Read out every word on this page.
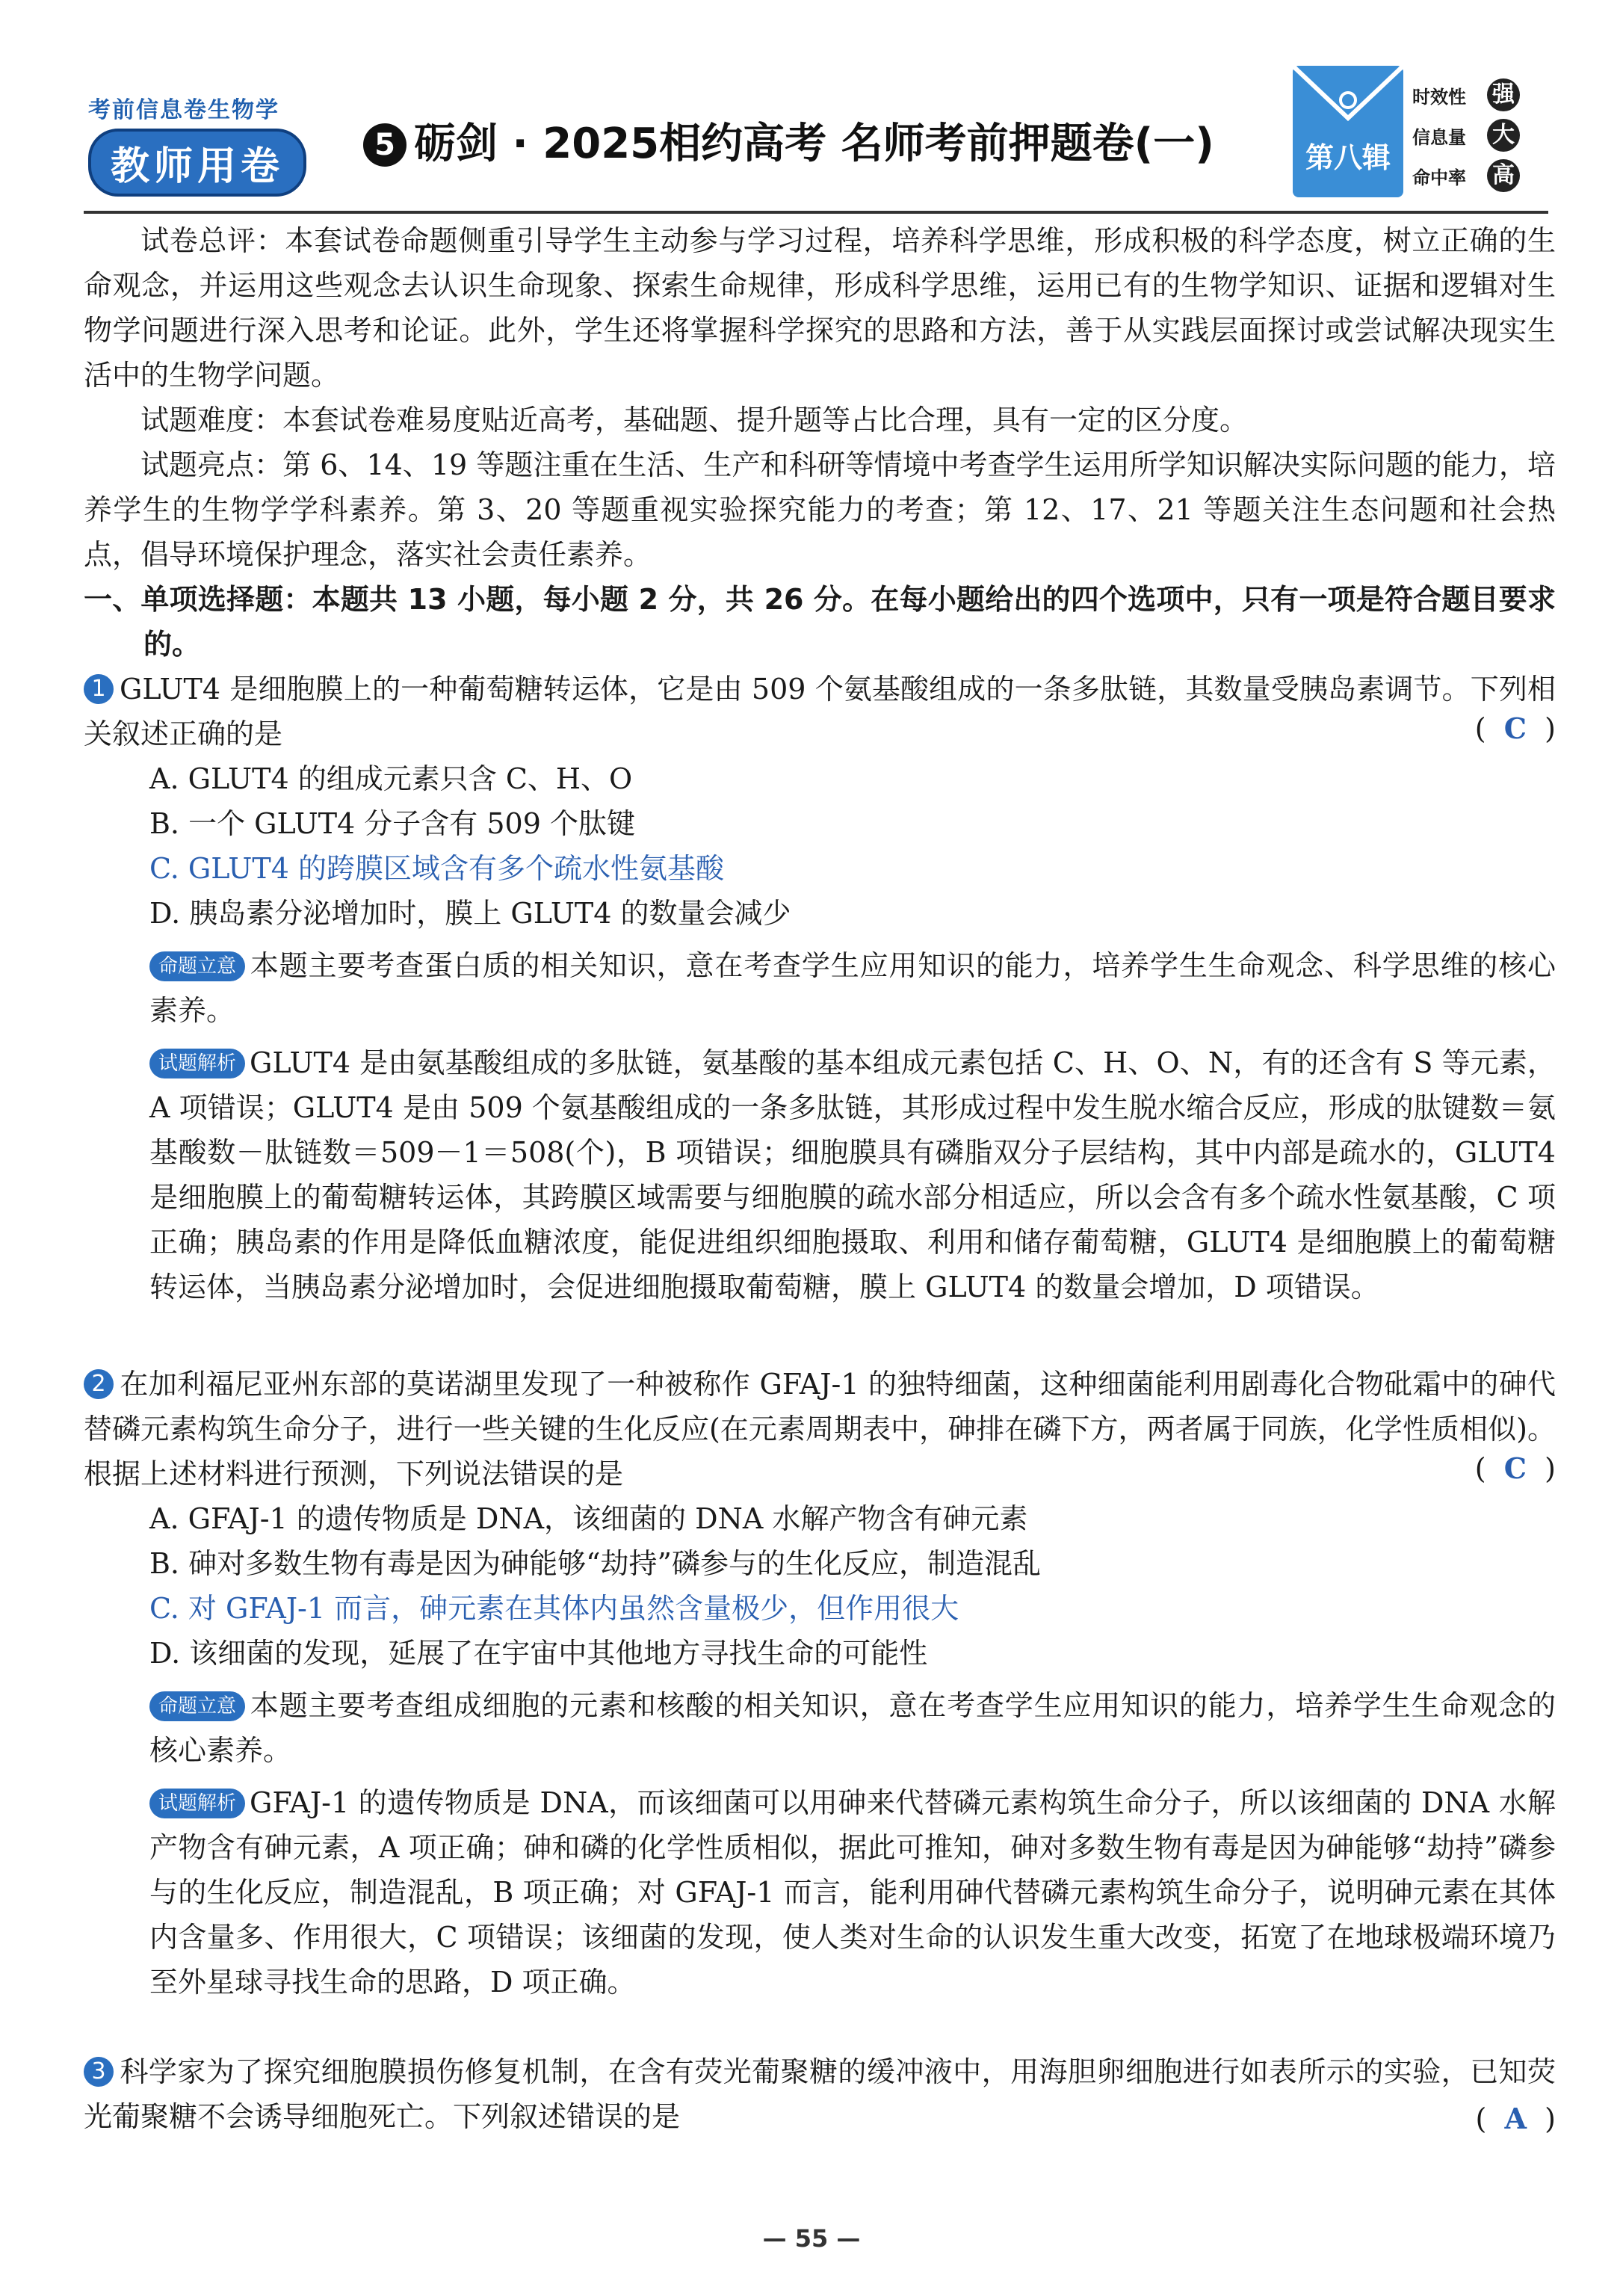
考前信息卷生物学
教师用卷	5 砺剑 · 2025相约高考 名师考前押题卷(一)	第八辑
时效性	强
信息量	大
命中率	高
试卷总评：本套试卷命题侧重引导学生主动参与学习过程，培养科学思维，形成积极的科学态度，树立正确的生命观念，并运用这些观念去认识生命现象、探索生命规律，形成科学思维，运用已有的生物学知识、证据和逻辑对生物学问题进行深入思考和论证。此外，学生还将掌握科学探究的思路和方法，善于从实践层面探讨或尝试解决现实生活中的生物学问题。
试题难度：本套试卷难易度贴近高考，基础题、提升题等占比合理，具有一定的区分度。
试题亮点：第 6、14、19 等题注重在生活、生产和科研等情境中考查学生运用所学知识解决实际问题的能力，培养学生的生物学学科素养。第 3、20 等题重视实验探究能力的考查；第 12、17、21 等题关注生态问题和社会热点，倡导环境保护理念，落实社会责任素养。
一、单项选择题：本题共 13 小题，每小题 2 分，共 26 分。在每小题给出的四个选项中，只有一项是符合题目要求的。
1 GLUT4 是细胞膜上的一种葡萄糖转运体，它是由 509 个氨基酸组成的一条多肽链，其数量受胰岛素调节。下列相关叙述正确的是	(  C  )
A. GLUT4 的组成元素只含 C、H、O
B. 一个 GLUT4 分子含有 509 个肽键
C. GLUT4 的跨膜区域含有多个疏水性氨基酸
D. 胰岛素分泌增加时，膜上 GLUT4 的数量会减少
命题立意 本题主要考查蛋白质的相关知识，意在考查学生应用知识的能力，培养学生生命观念、科学思维的核心素养。
试题解析 GLUT4 是由氨基酸组成的多肽链，氨基酸的基本组成元素包括 C、H、O、N，有的还含有 S 等元素，A 项错误；GLUT4 是由 509 个氨基酸组成的一条多肽链，其形成过程中发生脱水缩合反应，形成的肽键数＝氨基酸数－肽链数＝509－1＝508(个)，B 项错误；细胞膜具有磷脂双分子层结构，其中内部是疏水的，GLUT4 是细胞膜上的葡萄糖转运体，其跨膜区域需要与细胞膜的疏水部分相适应，所以会含有多个疏水性氨基酸，C 项正确；胰岛素的作用是降低血糖浓度，能促进组织细胞摄取、利用和储存葡萄糖，GLUT4 是细胞膜上的葡萄糖转运体，当胰岛素分泌增加时，会促进细胞摄取葡萄糖，膜上 GLUT4 的数量会增加，D 项错误。
2 在加利福尼亚州东部的莫诺湖里发现了一种被称作 GFAJ-1 的独特细菌，这种细菌能利用剧毒化合物砒霜中的砷代替磷元素构筑生命分子，进行一些关键的生化反应(在元素周期表中，砷排在磷下方，两者属于同族，化学性质相似)。根据上述材料进行预测，下列说法错误的是	(  C  )
A. GFAJ-1 的遗传物质是 DNA，该细菌的 DNA 水解产物含有砷元素
B. 砷对多数生物有毒是因为砷能够“劫持”磷参与的生化反应，制造混乱
C. 对 GFAJ-1 而言，砷元素在其体内虽然含量极少，但作用很大
D. 该细菌的发现，延展了在宇宙中其他地方寻找生命的可能性
命题立意 本题主要考查组成细胞的元素和核酸的相关知识，意在考查学生应用知识的能力，培养学生生命观念的核心素养。
试题解析 GFAJ-1 的遗传物质是 DNA，而该细菌可以用砷来代替磷元素构筑生命分子，所以该细菌的 DNA 水解产物含有砷元素，A 项正确；砷和磷的化学性质相似，据此可推知，砷对多数生物有毒是因为砷能够“劫持”磷参与的生化反应，制造混乱，B 项正确；对 GFAJ-1 而言，能利用砷代替磷元素构筑生命分子，说明砷元素在其体内含量多、作用很大，C 项错误；该细菌的发现，使人类对生命的认识发生重大改变，拓宽了在地球极端环境乃至外星球寻找生命的思路，D 项正确。
3 科学家为了探究细胞膜损伤修复机制，在含有荧光葡聚糖的缓冲液中，用海胆卵细胞进行如表所示的实验，已知荧光葡聚糖不会诱导细胞死亡。下列叙述错误的是	(  A  )
— 55 —
